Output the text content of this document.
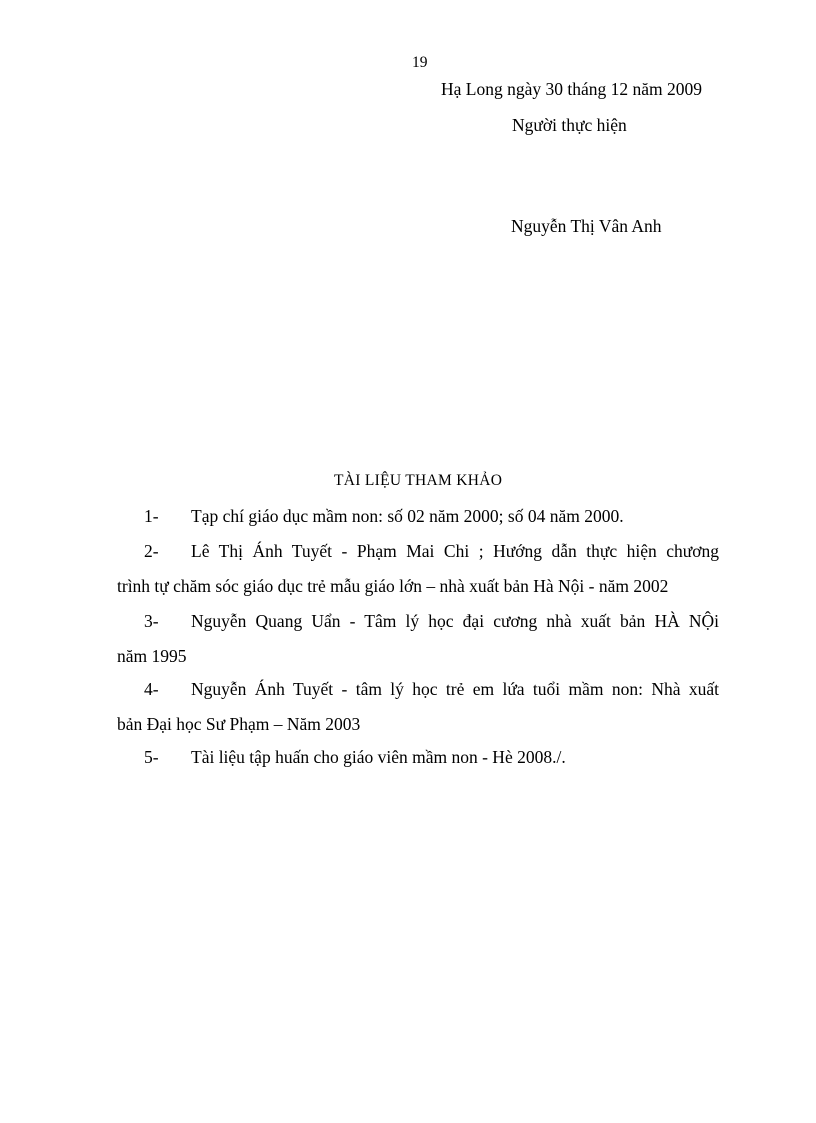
19
Hạ Long ngày 30 tháng 12 năm 2009
Người thực hiện
Nguyễn Thị Vân Anh
TÀI LIỆU THAM KHẢO
1-	Tạp chí giáo dục mầm non: số 02 năm 2000; số 04 năm 2000.
2-	Lê Thị Ánh Tuyết - Phạm Mai Chi ; Hướng dẫn thực hiện chương
trình tự chăm sóc giáo dục trẻ mẫu giáo lớn – nhà xuất bản Hà Nội - năm 2002
3-	Nguyễn Quang Uẩn - Tâm lý học đại cương nhà xuất bản HÀ NỘi
năm 1995
4-	Nguyễn Ánh Tuyết - tâm lý học trẻ em lứa tuổi mầm non: Nhà xuất
bản Đại học Sư Phạm – Năm 2003
5-	Tài liệu tập huấn cho giáo viên mầm non - Hè 2008./.
